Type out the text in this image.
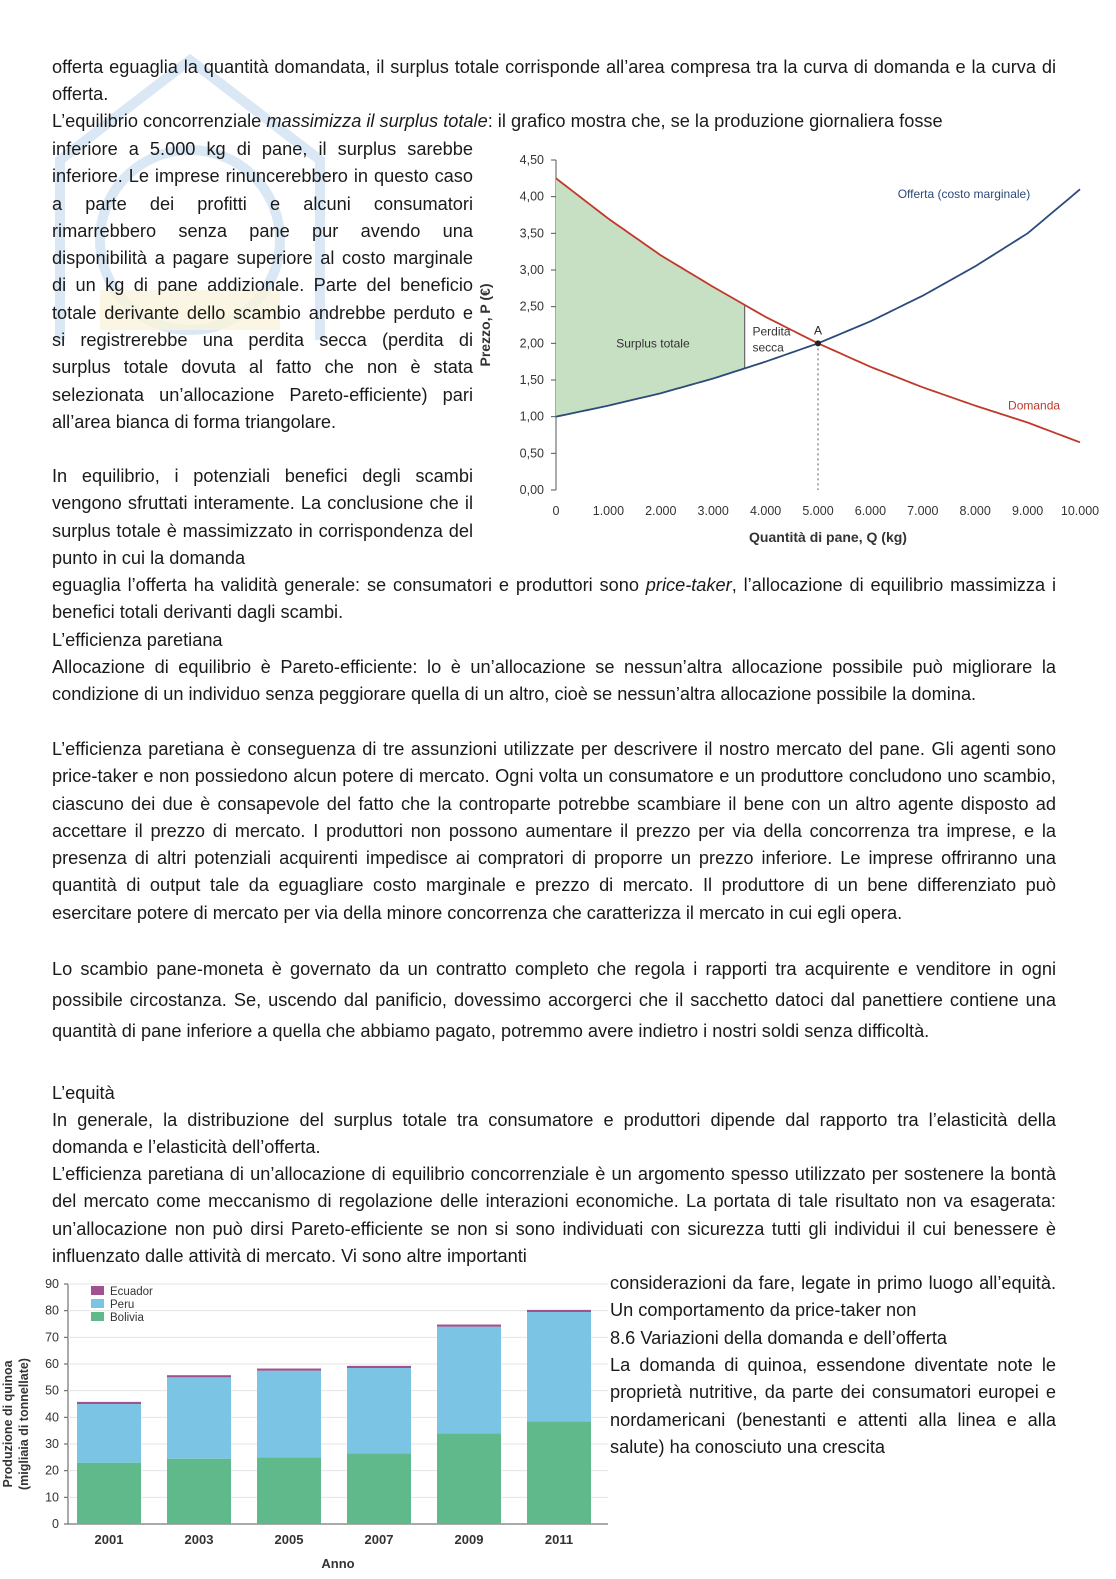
offerta eguaglia la quantità domandata, il surplus totale corrisponde all’area compresa tra la curva di domanda e la curva di offerta.

L’equilibrio concorrenziale massimizza il surplus totale: il grafico mostra che, se la produzione giornaliera fosse

inferiore a 5.000 kg di pane, il surplus sarebbe inferiore. Le imprese rinuncerebbero in questo caso a parte dei profitti e alcuni consumatori rimarrebbero senza pane pur avendo una disponibilità a pagare superiore al costo marginale di un kg di pane addizionale. Parte del beneficio totale derivante dello scambio andrebbe perduto e si registrerebbe una perdita secca (perdita di surplus totale dovuta al fatto che non è stata selezionata un’allocazione Pareto-efficiente) pari all’area bianca di forma triangolare.

In equilibrio, i potenziali benefici degli scambi vengono sfruttati interamente. La conclusione che il surplus totale è massimizzato in corrispondenza del punto in cui la domanda

eguaglia l’offerta ha validità generale: se consumatori e produttori sono price-taker, l’allocazione di equilibrio massimizza i benefici totali derivanti dagli scambi.

L’efficienza paretiana

Allocazione di equilibrio è Pareto-efficiente: lo è un’allocazione se nessun’altra allocazione possibile può migliorare la condizione di un individuo senza peggiorare quella di un altro, cioè se nessun’altra allocazione possibile la domina.

L’efficienza paretiana è conseguenza di tre assunzioni utilizzate per descrivere il nostro mercato del pane. Gli agenti sono price-taker e non possiedono alcun potere di mercato. Ogni volta un consumatore e un produttore concludono uno scambio, ciascuno dei due è consapevole del fatto che la controparte potrebbe scambiare il bene con un altro agente disposto ad accettare il prezzo di mercato. I produttori non possono aumentare il prezzo per via della concorrenza tra imprese, e la presenza di altri potenziali acquirenti impedisce ai compratori di proporre un prezzo inferiore. Le imprese offriranno una quantità di output tale da eguagliare costo marginale e prezzo di mercato. Il produttore di un bene differenziato può esercitare potere di mercato per via della minore concorrenza che caratterizza il mercato in cui egli opera.

Lo scambio pane-moneta è governato da un contratto completo che regola i rapporti tra acquirente e venditore in ogni possibile circostanza. Se, uscendo dal panificio, dovessimo accorgerci che il sacchetto datoci dal panettiere contiene una quantità di pane inferiore a quella che abbiamo pagato, potremmo avere indietro i nostri soldi senza difficoltà.

L’equità

In generale, la distribuzione del surplus totale tra consumatore e produttori dipende dal rapporto tra l’elasticità della domanda e l’elasticità dell’offerta.

L’efficienza paretiana di un’allocazione di equilibrio concorrenziale è un argomento spesso utilizzato per sostenere la bontà del mercato come meccanismo di regolazione delle interazioni economiche. La portata di tale risultato non va esagerata: un’allocazione non può dirsi Pareto-efficiente se non si sono individuati con sicurezza tutti gli individui il cui benessere è influenzato dalle attività di mercato. Vi sono altre importanti

considerazioni da fare, legate in primo luogo all’equità. Un comportamento da price-taker non

8.6 Variazioni della domanda e dell’offerta

La domanda di quinoa, essendone diventate note le proprietà nutritive, da parte dei consumatori europei e nordamericani (benestanti e attenti alla linea e alla salute) ha conosciuto una crescita

0,00
0,50
1,00
1,50
2,00
2,50
3,00
3,50
4,00
4,50
0	1.000 2.000 3.000 4.000 5.000 6.000 7.000 8.000 9.000 10.000
Quantità di pane, Q (kg)
Prezzo, P (€)	A
Surplus totale
Perdita
secca
Offerta (costo marginale)
Domanda
0
10
20
30
40
50
60
70
80
90
2001	2003	2005	2007	2009	2011
Ecuador
Peru
Bolivia
Anno
Produzione di quinoa (migliaia di tonnellate)
